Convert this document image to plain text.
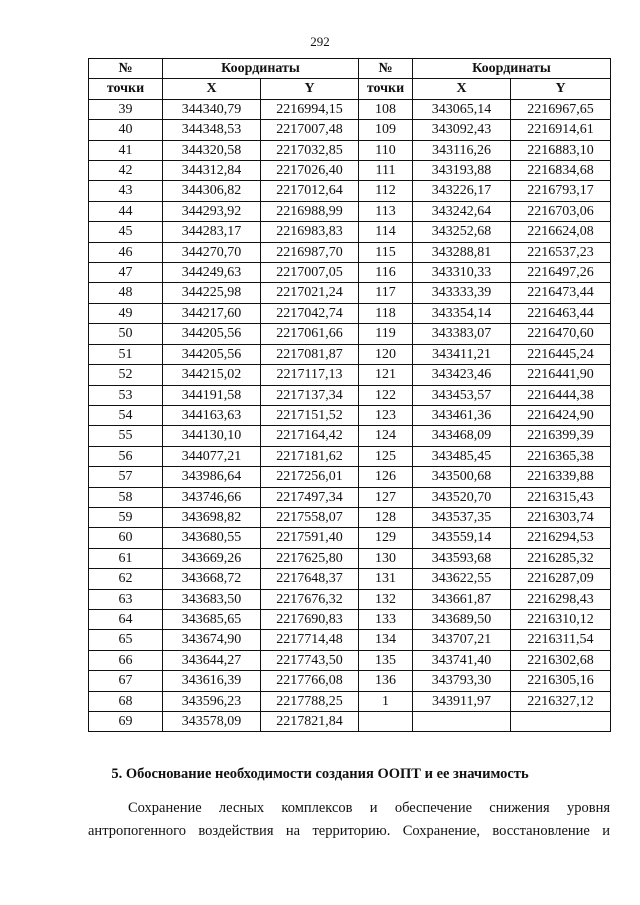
292
№	Координаты		№	Координаты	
точки	X	Y	точки	X	Y
39	344340,79	2216994,15	108	343065,14	2216967,65
40	344348,53	2217007,48	109	343092,43	2216914,61
41	344320,58	2217032,85	110	343116,26	2216883,10
42	344312,84	2217026,40	111	343193,88	2216834,68
43	344306,82	2217012,64	112	343226,17	2216793,17
44	344293,92	2216988,99	113	343242,64	2216703,06
45	344283,17	2216983,83	114	343252,68	2216624,08
46	344270,70	2216987,70	115	343288,81	2216537,23
47	344249,63	2217007,05	116	343310,33	2216497,26
48	344225,98	2217021,24	117	343333,39	2216473,44
49	344217,60	2217042,74	118	343354,14	2216463,44
50	344205,56	2217061,66	119	343383,07	2216470,60
51	344205,56	2217081,87	120	343411,21	2216445,24
52	344215,02	2217117,13	121	343423,46	2216441,90
53	344191,58	2217137,34	122	343453,57	2216444,38
54	344163,63	2217151,52	123	343461,36	2216424,90
55	344130,10	2217164,42	124	343468,09	2216399,39
56	344077,21	2217181,62	125	343485,45	2216365,38
57	343986,64	2217256,01	126	343500,68	2216339,88
58	343746,66	2217497,34	127	343520,70	2216315,43
59	343698,82	2217558,07	128	343537,35	2216303,74
60	343680,55	2217591,40	129	343559,14	2216294,53
61	343669,26	2217625,80	130	343593,68	2216285,32
62	343668,72	2217648,37	131	343622,55	2216287,09
63	343683,50	2217676,32	132	343661,87	2216298,43
64	343685,65	2217690,83	133	343689,50	2216310,12
65	343674,90	2217714,48	134	343707,21	2216311,54
66	343644,27	2217743,50	135	343741,40	2216302,68
67	343616,39	2217766,08	136	343793,30	2216305,16
68	343596,23	2217788,25	1	343911,97	2216327,12
69	343578,09	2217821,84			
5. Обоснование необходимости создания ООПТ и ее значимость
Сохранение лесных комплексов и обеспечение снижения уровня
антропогенного воздействия на территорию. Сохранение, восстановление и
